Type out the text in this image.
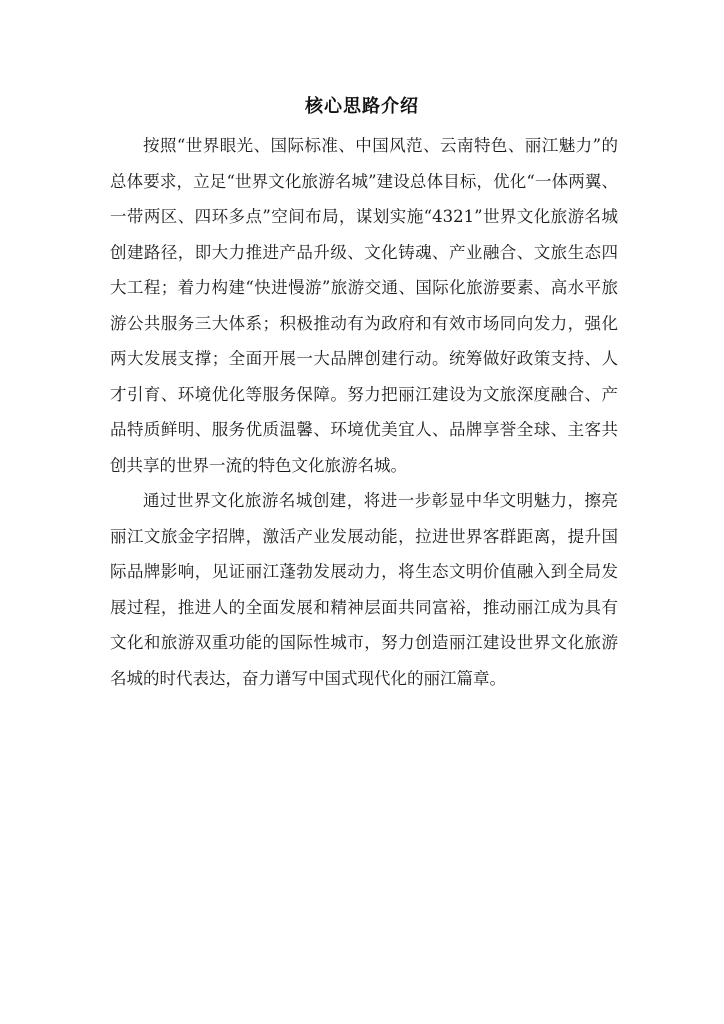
核心思路介绍

按照“世界眼光、国际标准、中国风范、云南特色、丽江魅力”的总体要求，立足“世界文化旅游名城”建设总体目标，优化“一体两翼、一带两区、四环多点”空间布局，谋划实施“4321”世界文化旅游名城创建路径，即大力推进产品升级、文化铸魂、产业融合、文旅生态四大工程；着力构建“快进慢游”旅游交通、国际化旅游要素、高水平旅游公共服务三大体系；积极推动有为政府和有效市场同向发力，强化两大发展支撑；全面开展一大品牌创建行动。统筹做好政策支持、人才引育、环境优化等服务保障。努力把丽江建设为文旅深度融合、产品特质鲜明、服务优质温馨、环境优美宜人、品牌享誉全球、主客共创共享的世界一流的特色文化旅游名城。

通过世界文化旅游名城创建，将进一步彰显中华文明魅力，擦亮丽江文旅金字招牌，激活产业发展动能，拉进世界客群距离，提升国际品牌影响，见证丽江蓬勃发展动力，将生态文明价值融入到全局发展过程，推进人的全面发展和精神层面共同富裕，推动丽江成为具有文化和旅游双重功能的国际性城市，努力创造丽江建设世界文化旅游名城的时代表达，奋力谱写中国式现代化的丽江篇章。
